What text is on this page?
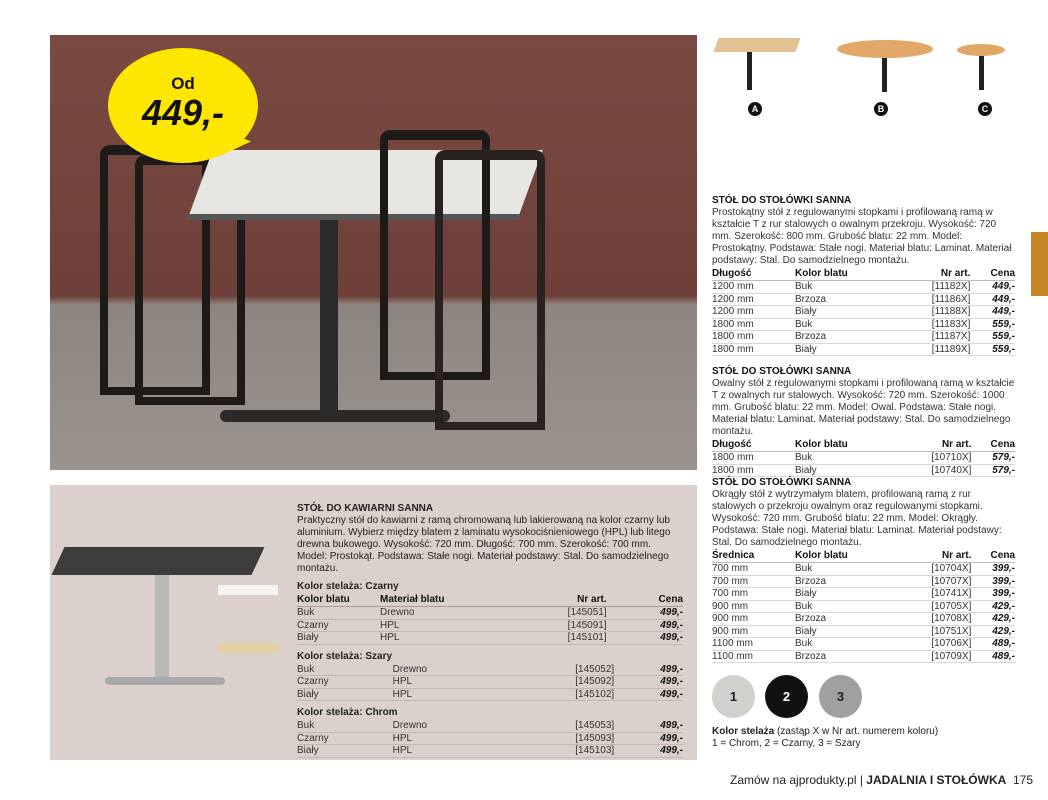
Od
449,-	A	B	C
STÓŁ DO STOŁÓWKI SANNA

Prostokątny stół z regulowanymi stopkami i profilowaną ramą w kształcie T z rur stalowych o owalnym przekroju. Wysokość: 720 mm. Szerokość: 800 mm. Grubość blatu: 22 mm. Model: Prostokątny. Podstawa: Stałe nogi. Materiał blatu: Laminat. Materiał podstawy: Stal. Do samodzielnego montażu.

Długość	Kolor blatu	Nr art.	Cena
1200 mm	Buk	[11182X]	449,-
1200 mm	Brzoza	[11186X]	449,-
1200 mm	Biały	[11188X]	449,-
1800 mm	Buk	[11183X]	559,-
1800 mm	Brzoza	[11187X]	559,-
1800 mm	Biały	[11189X]	559,-
STÓŁ DO STOŁÓWKI SANNA

Owalny stół z regulowanymi stopkami i profilowaną ramą w kształcie T z owalnych rur stalowych. Wysokość: 720 mm. Szerokość: 1000 mm. Grubość blatu: 22 mm. Model: Owal. Podstawa: Stałe nogi. Materiał blatu: Laminat. Materiał podstawy: Stal. Do samodzielnego montażu.

Długość	Kolor blatu	Nr art.	Cena
1800 mm	Buk	[10710X]	579,-
1800 mm	Biały	[10740X]	579,-
STÓŁ DO STOŁÓWKI SANNA

Okrągły stół z wytrzymałym blatem, profilowaną ramą z rur stalowych o przekroju owalnym oraz regulowanymi stopkami. Wysokość: 720 mm. Grubość blatu: 22 mm. Model: Okrągły. Podstawa: Stałe nogi. Materiał blatu: Laminat. Materiał podstawy: Stal. Do samodzielnego montażu.

Średnica	Kolor blatu	Nr art.	Cena
700 mm	Buk	[10704X]	399,-
700 mm	Brzoza	[10707X]	399,-
700 mm	Biały	[10741X]	399,-
900 mm	Buk	[10705X]	429,-
900 mm	Brzoza	[10708X]	429,-
900 mm	Biały	[10751X]	429,-
1100 mm	Buk	[10706X]	489,-
1100 mm	Brzoza	[10709X]	489,-
STÓŁ DO KAWIARNI SANNA

Praktyczny stół do kawiarni z ramą chromowaną lub lakierowaną na kolor czarny lub aluminium. Wybierz między blatem z laminatu wysokociśnieniowego (HPL) lub litego drewna bukowego. Wysokość: 720 mm. Długość: 700 mm. Szerokość: 700 mm. Model: Prostokąt. Podstawa: Stałe nogi. Materiał podstawy: Stal. Do samodzielnego montażu.

Kolor stelaża: Czarny
Kolor blatu	Materiał blatu	Nr art.	Cena
Buk	Drewno	[145051]	499,-
Czarny	HPL	[145091]	499,-
Biały	HPL	[145101]	499,-
Kolor stelaża: Szary
Buk	Drewno	[145052]	499,-
Czarny	HPL	[145092]	499,-
Biały	HPL	[145102]	499,-
Kolor stelaża: Chrom
Buk	Drewno	[145053]	499,-
Czarny	HPL	[145093]	499,-
Biały	HPL	[145103]	499,-
1	2	3
Kolor stelaża (zastąp X w Nr art. numerem koloru)
1 = Chrom, 2 = Czarny, 3 = Szary
Zamów na ajprodukty.pl | JADALNIA I STOŁÓWKA 175
